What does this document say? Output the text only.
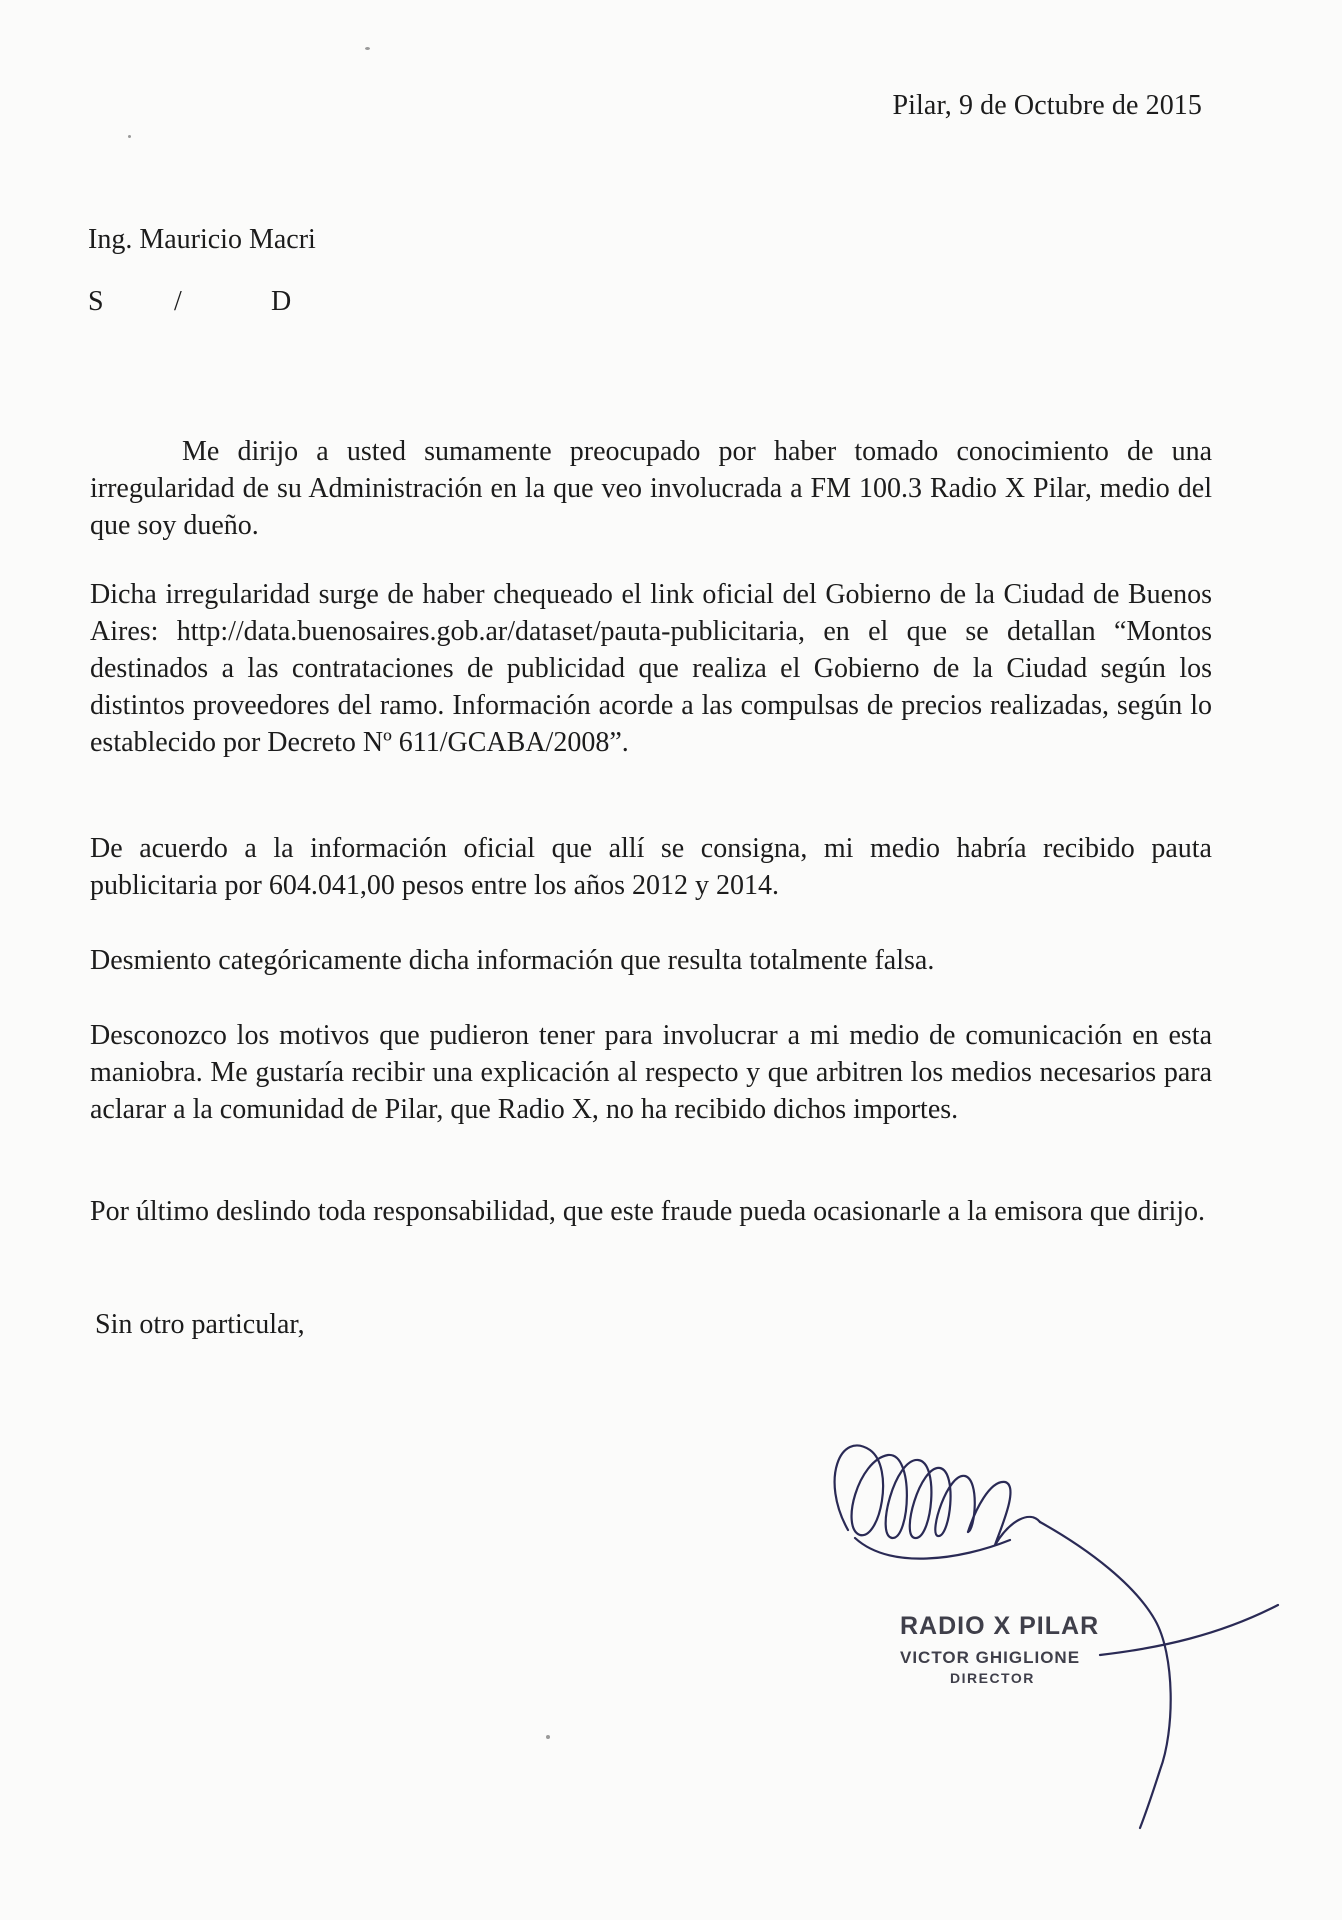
Pilar, 9 de Octubre de 2015
Ing. Mauricio Macri
S	/	D
Me dirijo a usted sumamente preocupado por haber tomado conocimiento de una irregularidad de su Administración en la que veo involucrada a FM 100.3 Radio X Pilar, medio del que soy dueño.
Dicha irregularidad surge de haber chequeado el link oficial del Gobierno de la Ciudad de Buenos Aires: http://data.buenosaires.gob.ar/dataset/pauta-publicitaria, en el que se detallan “Montos destinados a las contrataciones de publicidad que realiza el Gobierno de la Ciudad según los distintos proveedores del ramo. Información acorde a las compulsas de precios realizadas, según lo establecido por Decreto Nº 611/GCABA/2008”.
De acuerdo a la información oficial que allí se consigna, mi medio habría recibido pauta publicitaria por 604.041,00 pesos entre los años 2012 y 2014.
Desmiento categóricamente dicha información que resulta totalmente falsa.
Desconozco los motivos que pudieron tener para involucrar a mi medio de comunicación en esta maniobra. Me gustaría recibir una explicación al respecto y que arbitren los medios necesarios para aclarar a la comunidad de Pilar, que Radio X, no ha recibido dichos importes.
Por último deslindo toda responsabilidad, que este fraude pueda ocasionarle a la emisora que dirijo.
Sin otro particular,
RADIO X PILAR
VICTOR GHIGLIONE
DIRECTOR
